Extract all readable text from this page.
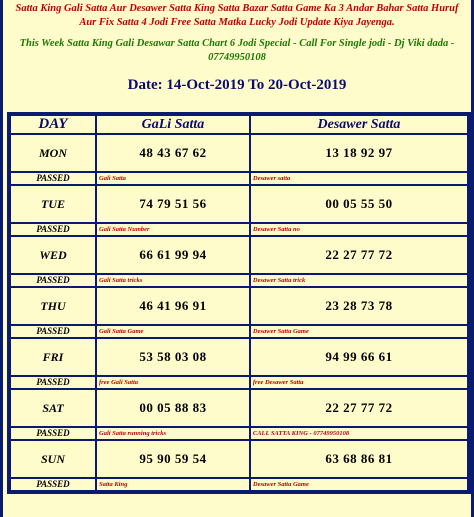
Satta King Gali Satta Aur Desawer Satta King Satta Bazar Satta Game Ka 3 Andar Bahar Satta Huruf Aur Fix Satta 4 Jodi Free Satta Matka Lucky Jodi Update Kiya Jayenga.
This Week Satta King Gali Desawar Satta Chart 6 Jodi Special - Call For Single jodi - Dj Viki dada - 07749950108
Date: 14-Oct-2019 To 20-Oct-2019
DAY	GaLi Satta	Desawer Satta
MON	48 43 67 62	13 18 92 97
PASSED	Gali Satta	Desawer satta
TUE	74 79 51 56	00 05 55 50
PASSED	Gali Satta Number	Desawer Satta no
WED	66 61 99 94	22 27 77 72
PASSED	Gali Satta tricks	Desawer Satta trick
THU	46 41 96 91	23 28 73 78
PASSED	Gali Satta Game	Desawer Satta Game
FRI	53 58 03 08	94 99 66 61
PASSED	free Gali Satta	free Desawer Satta
SAT	00 05 88 83	22 27 77 72
PASSED	Gali Satta running tricks	CALL SATTA KING - 07749950108
SUN	95 90 59 54	63 68 86 81
PASSED	Satta King	Desawer Satta Game
